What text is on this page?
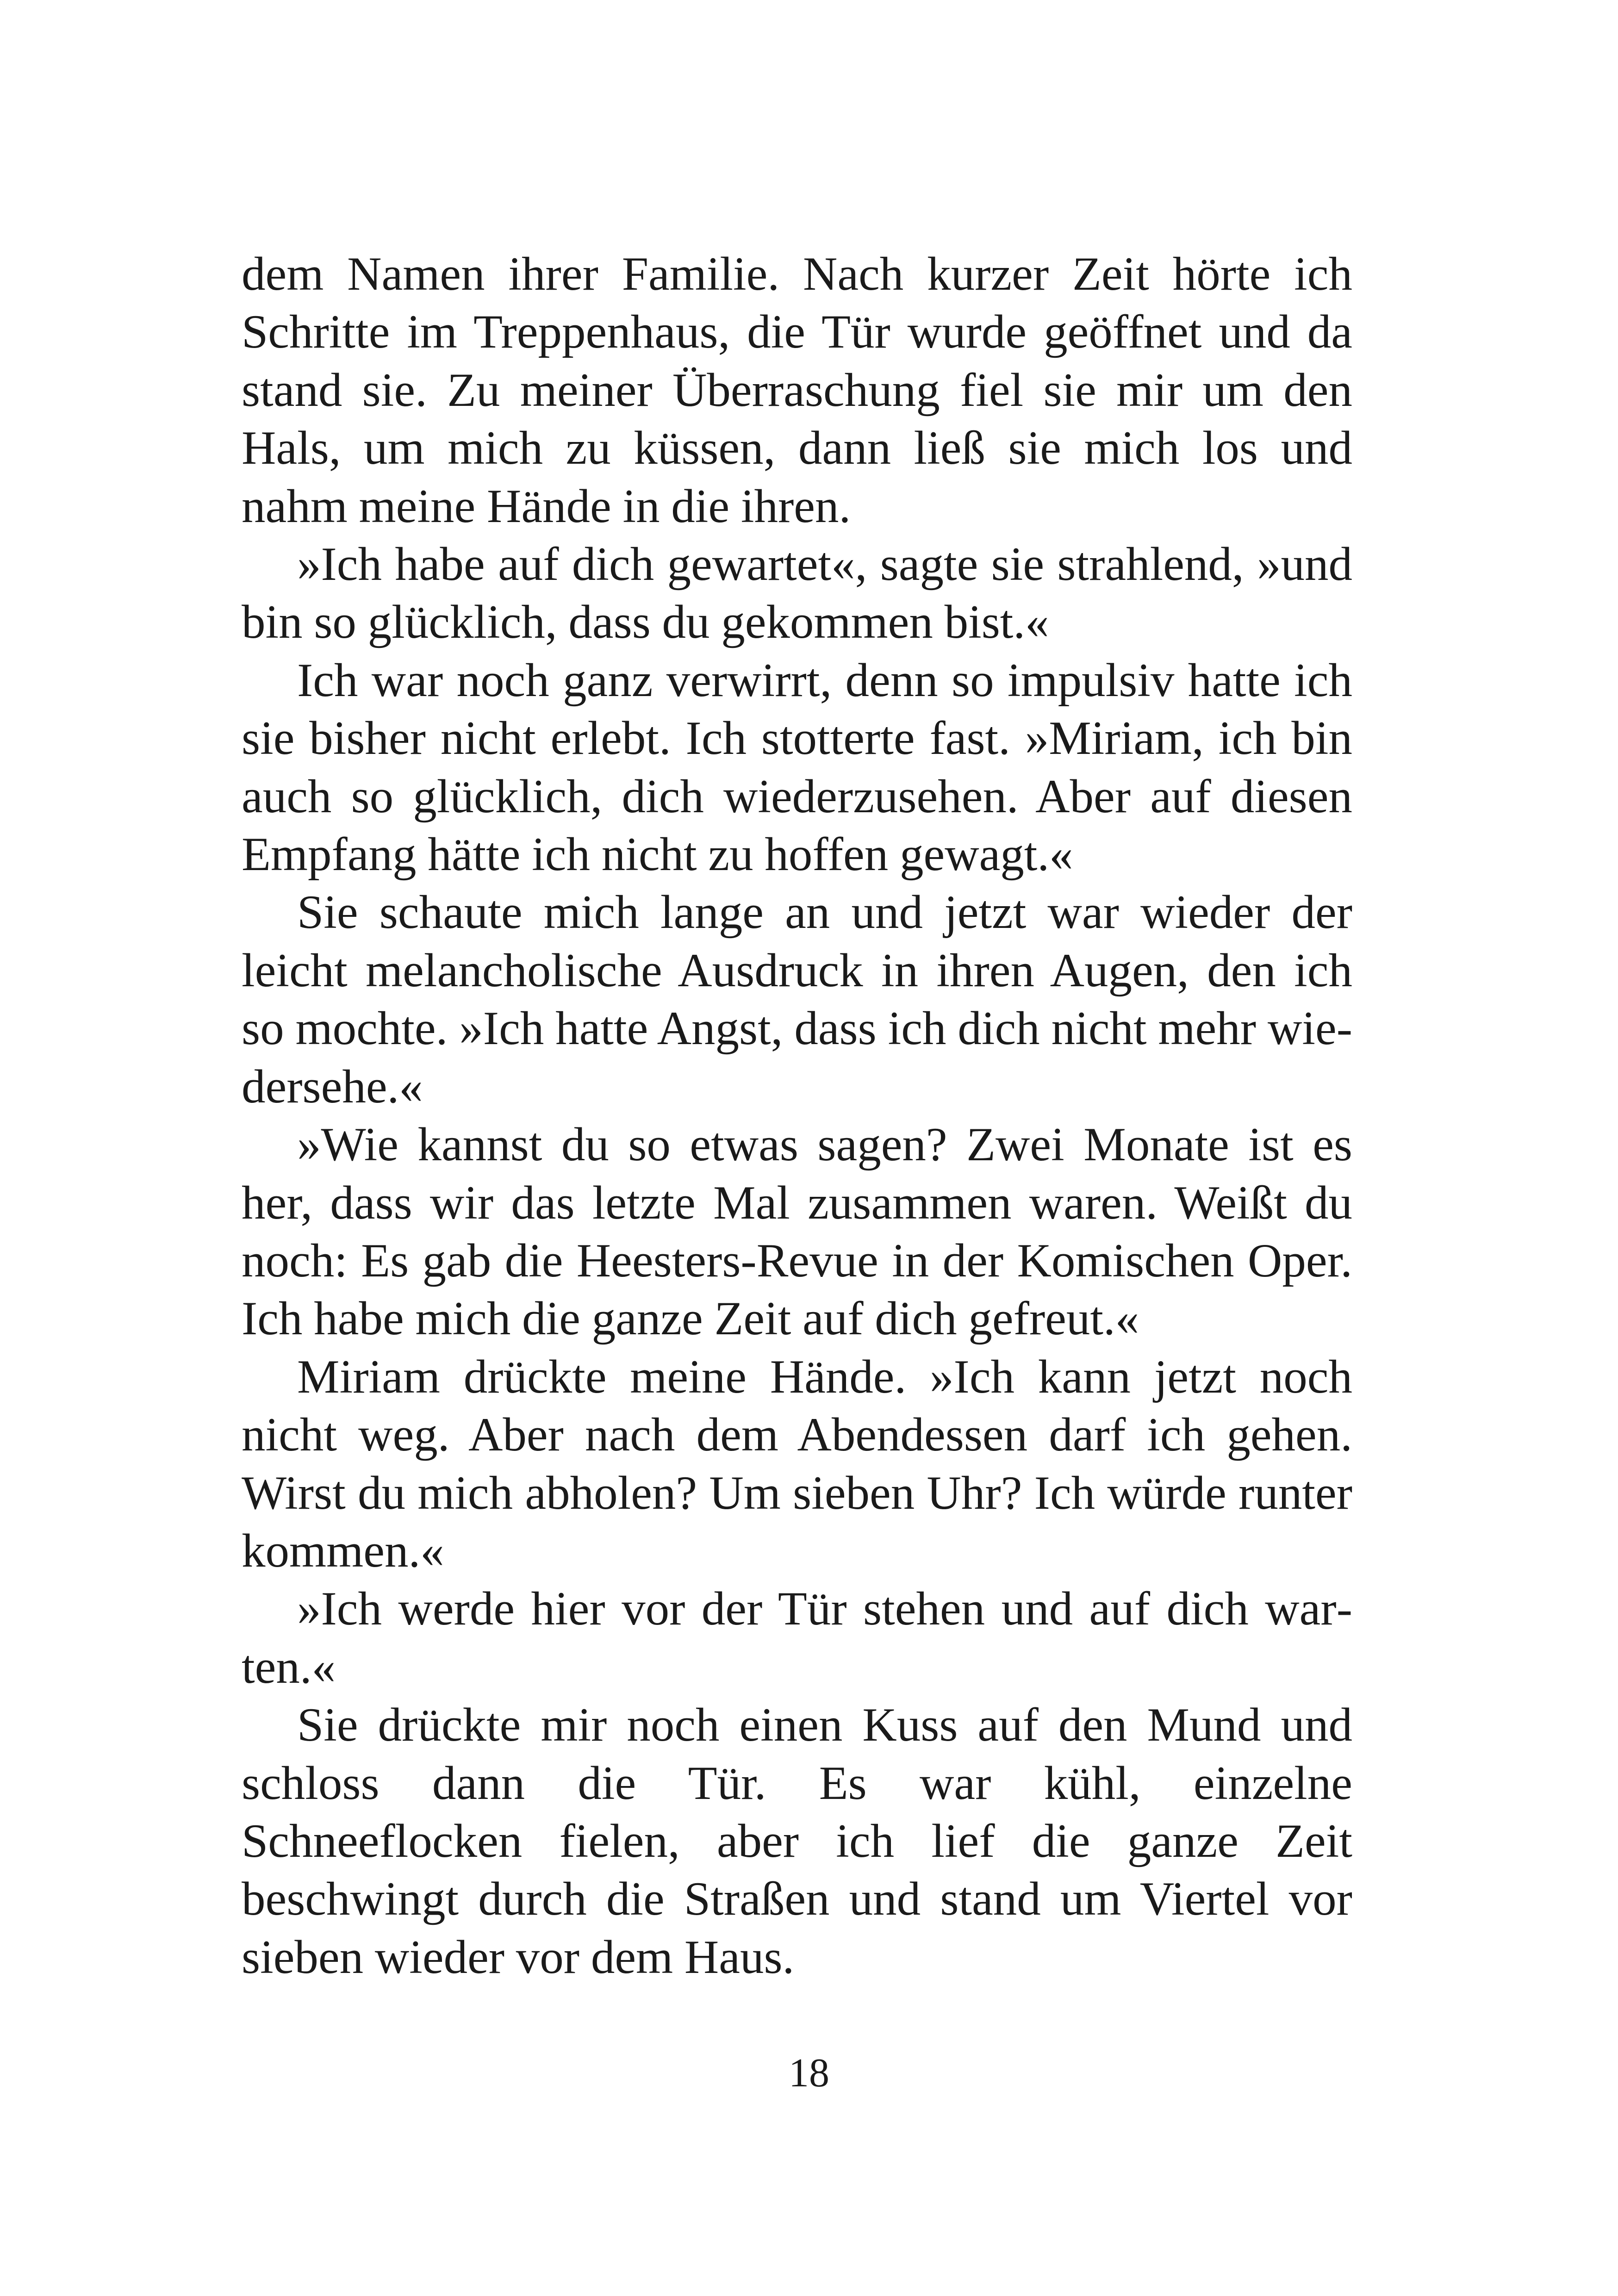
dem Namen ihrer Familie. Nach kurzer Zeit hörte ich Schritte im Treppenhaus, die Tür wurde geöffnet und da stand sie. Zu meiner Überraschung fiel sie mir um den Hals, um mich zu küssen, dann ließ sie mich los und nahm meine Hände in die ihren.

»Ich habe auf dich gewartet«, sagte sie strahlend, »und bin so glücklich, dass du gekommen bist.«

Ich war noch ganz verwirrt, denn so impulsiv hatte ich sie bisher nicht erlebt. Ich stotterte fast. »Miriam, ich bin auch so glücklich, dich wiederzusehen. Aber auf diesen Empfang hätte ich nicht zu hoffen gewagt.«

Sie schaute mich lange an und jetzt war wieder der leicht melancholische Ausdruck in ihren Augen, den ich so mochte. »Ich hatte Angst, dass ich dich nicht mehr wiedersehe.«

»Wie kannst du so etwas sagen? Zwei Monate ist es her, dass wir das letzte Mal zusammen waren. Weißt du noch: Es gab die Heesters-Revue in der Komischen Oper. Ich habe mich die ganze Zeit auf dich gefreut.«

Miriam drückte meine Hände. »Ich kann jetzt noch nicht weg. Aber nach dem Abendessen darf ich gehen. Wirst du mich abholen? Um sieben Uhr? Ich würde runter kommen.«

»Ich werde hier vor der Tür stehen und auf dich warten.«

Sie drückte mir noch einen Kuss auf den Mund und schloss dann die Tür. Es war kühl, einzelne Schneeflocken fielen, aber ich lief die ganze Zeit beschwingt durch die Straßen und stand um Viertel vor sieben wieder vor dem Haus.

18
